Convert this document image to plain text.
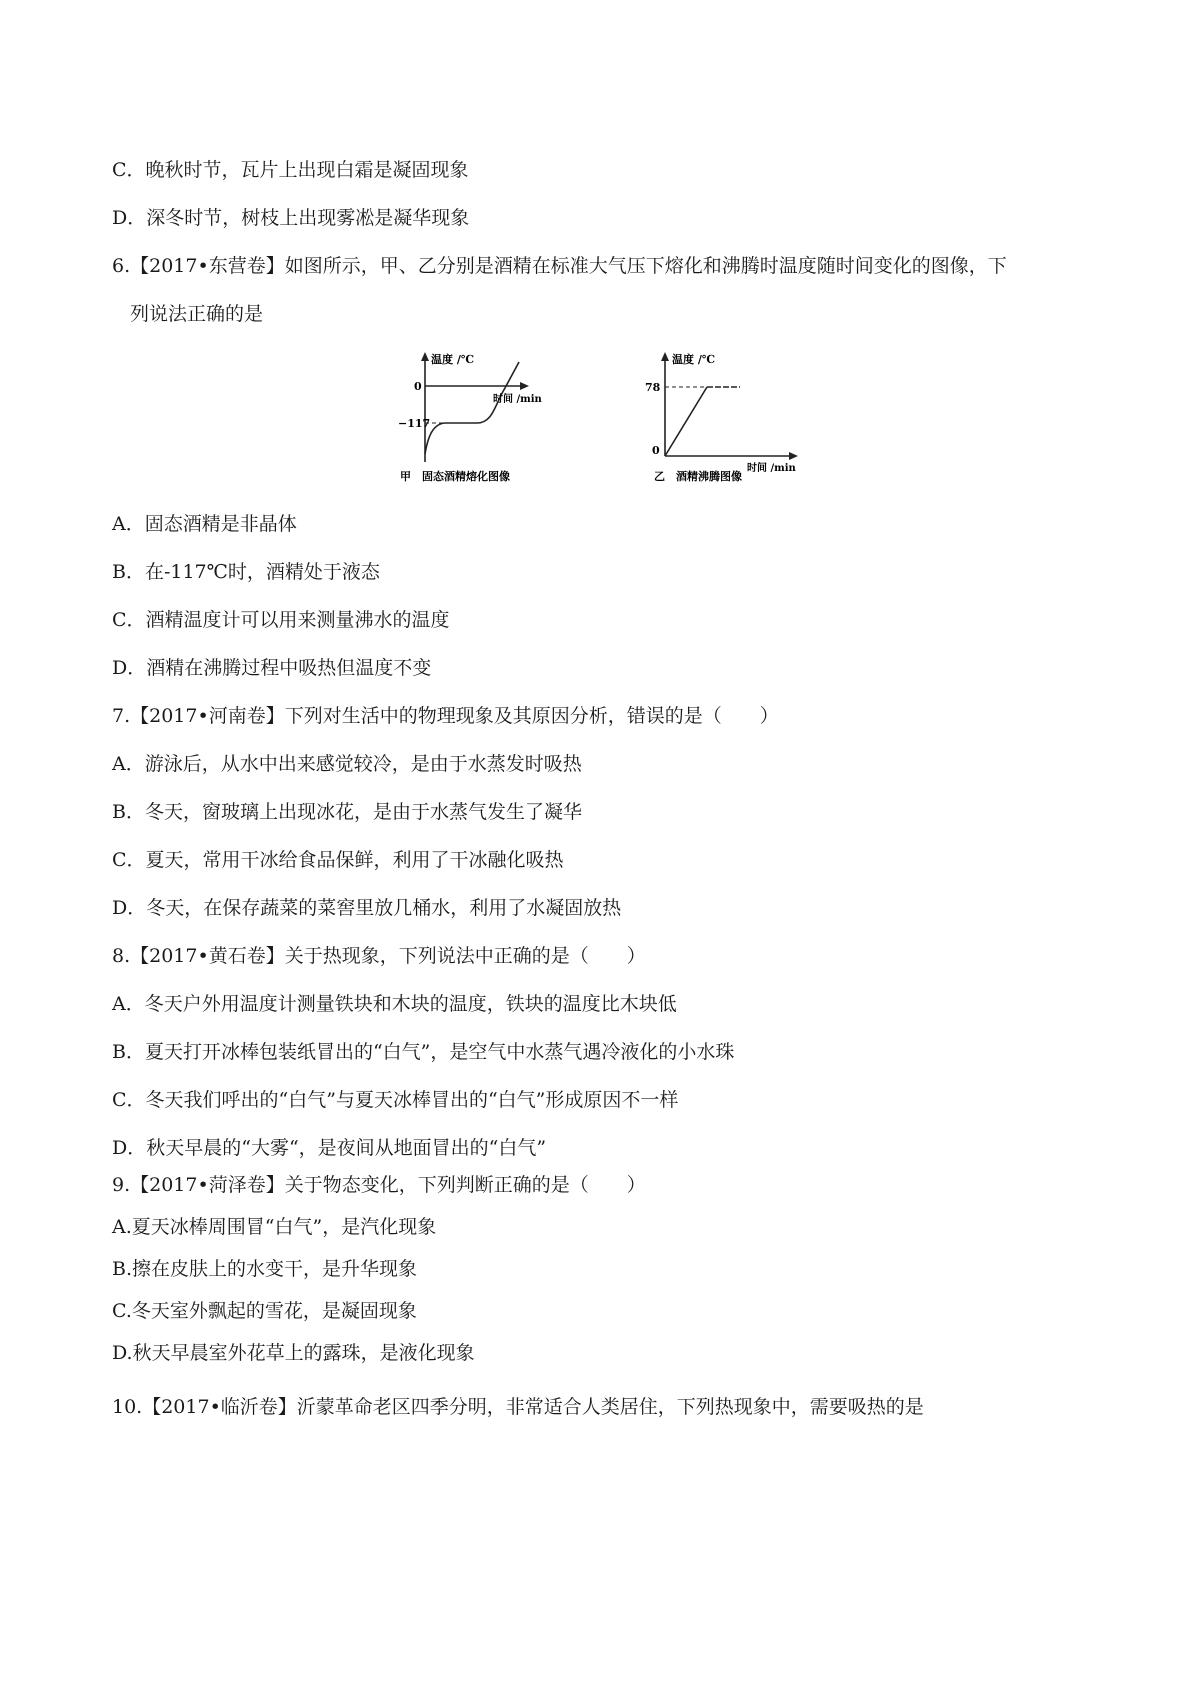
C．晚秋时节，瓦片上出现白霜是凝固现象
D．深冬时节，树枝上出现雾凇是凝华现象
6.【2017•东营卷】如图所示，甲、乙分别是酒精在标准大气压下熔化和沸腾时温度随时间变化的图像，下
列说法正确的是
温度 /℃
0
−117
时间 /min
甲　固态酒精熔化图像
温度 /℃
78
0
时间 /min
乙　酒精沸腾图像
A．固态酒精是非晶体
B．在-117℃时，酒精处于液态
C．酒精温度计可以用来测量沸水的温度
D．酒精在沸腾过程中吸热但温度不变
7.【2017•河南卷】下列对生活中的物理现象及其原因分析，错误的是（　　）
A．游泳后，从水中出来感觉较冷，是由于水蒸发时吸热
B．冬天，窗玻璃上出现冰花，是由于水蒸气发生了凝华
C．夏天，常用干冰给食品保鲜，利用了干冰融化吸热
D．冬天，在保存蔬菜的菜窖里放几桶水，利用了水凝固放热
8.【2017•黄石卷】关于热现象，下列说法中正确的是（　　）
A．冬天户外用温度计测量铁块和木块的温度，铁块的温度比木块低
B．夏天打开冰棒包装纸冒出的“白气”，是空气中水蒸气遇冷液化的小水珠
C．冬天我们呼出的“白气”与夏天冰棒冒出的“白气”形成原因不一样
D．秋天早晨的“大雾“，是夜间从地面冒出的“白气”
9.【2017•菏泽卷】关于物态变化，下列判断正确的是（　　）
A.夏天冰棒周围冒“白气”，是汽化现象
B.擦在皮肤上的水变干，是升华现象
C.冬天室外飘起的雪花，是凝固现象
D.秋天早晨室外花草上的露珠，是液化现象
10.【2017•临沂卷】沂蒙革命老区四季分明，非常适合人类居住，下列热现象中，需要吸热的是
